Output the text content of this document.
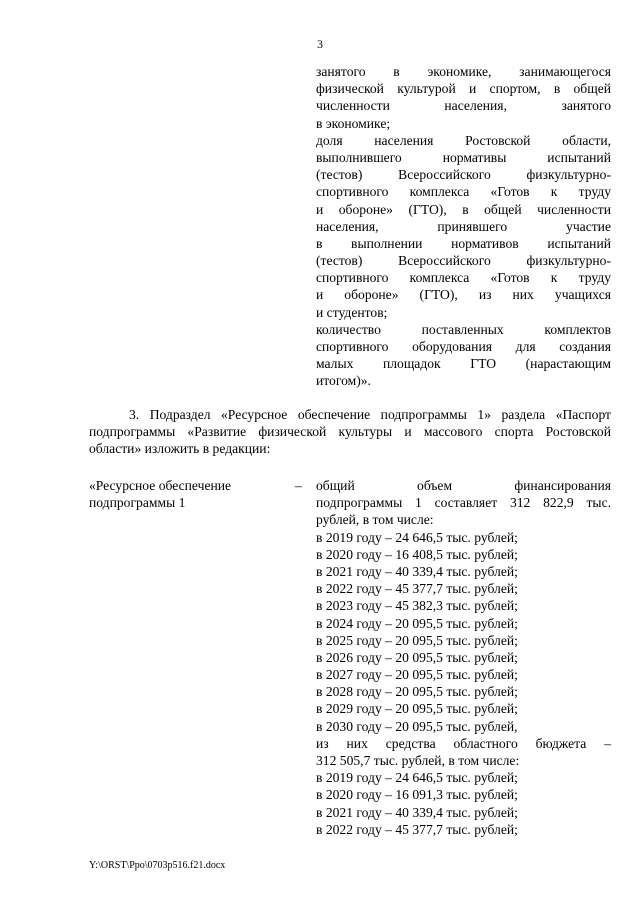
3
занятого в экономике, занимающегося
физической культурой и спортом, в общей
численности населения, занятого
в экономике;
доля населения Ростовской области,
выполнившего нормативы испытаний
(тестов) Всероссийского физкультурно-
спортивного комплекса «Готов к труду
и обороне» (ГТО), в общей численности
населения, принявшего участие
в выполнении нормативов испытаний
(тестов) Всероссийского физкультурно-
спортивного комплекса «Готов к труду
и обороне» (ГТО), из них учащихся
и студентов;
количество поставленных комплектов
спортивного оборудования для создания
малых площадок ГТО (нарастающим
итогом)».
3. Подраздел «Ресурсное обеспечение подпрограммы 1» раздела «Паспорт
подпрограммы «Развитие физической культуры и массового спорта Ростовской
области» изложить в редакции:
«Ресурсное обеспечение
подпрограммы 1
– общий объем финансирования
подпрограммы 1 составляет 312 822,9 тыс.
рублей, в том числе:
в 2019 году – 24 646,5 тыс. рублей;
в 2020 году – 16 408,5 тыс. рублей;
в 2021 году – 40 339,4 тыс. рублей;
в 2022 году – 45 377,7 тыс. рублей;
в 2023 году – 45 382,3 тыс. рублей;
в 2024 году – 20 095,5 тыс. рублей;
в 2025 году – 20 095,5 тыс. рублей;
в 2026 году – 20 095,5 тыс. рублей;
в 2027 году – 20 095,5 тыс. рублей;
в 2028 году – 20 095,5 тыс. рублей;
в 2029 году – 20 095,5 тыс. рублей;
в 2030 году – 20 095,5 тыс. рублей,
из них средства областного бюджета –
312 505,7 тыс. рублей, в том числе:
в 2019 году – 24 646,5 тыс. рублей;
в 2020 году – 16 091,3 тыс. рублей;
в 2021 году – 40 339,4 тыс. рублей;
в 2022 году – 45 377,7 тыс. рублей;
Y:\ORST\Ppo\0703p516.f21.docx
